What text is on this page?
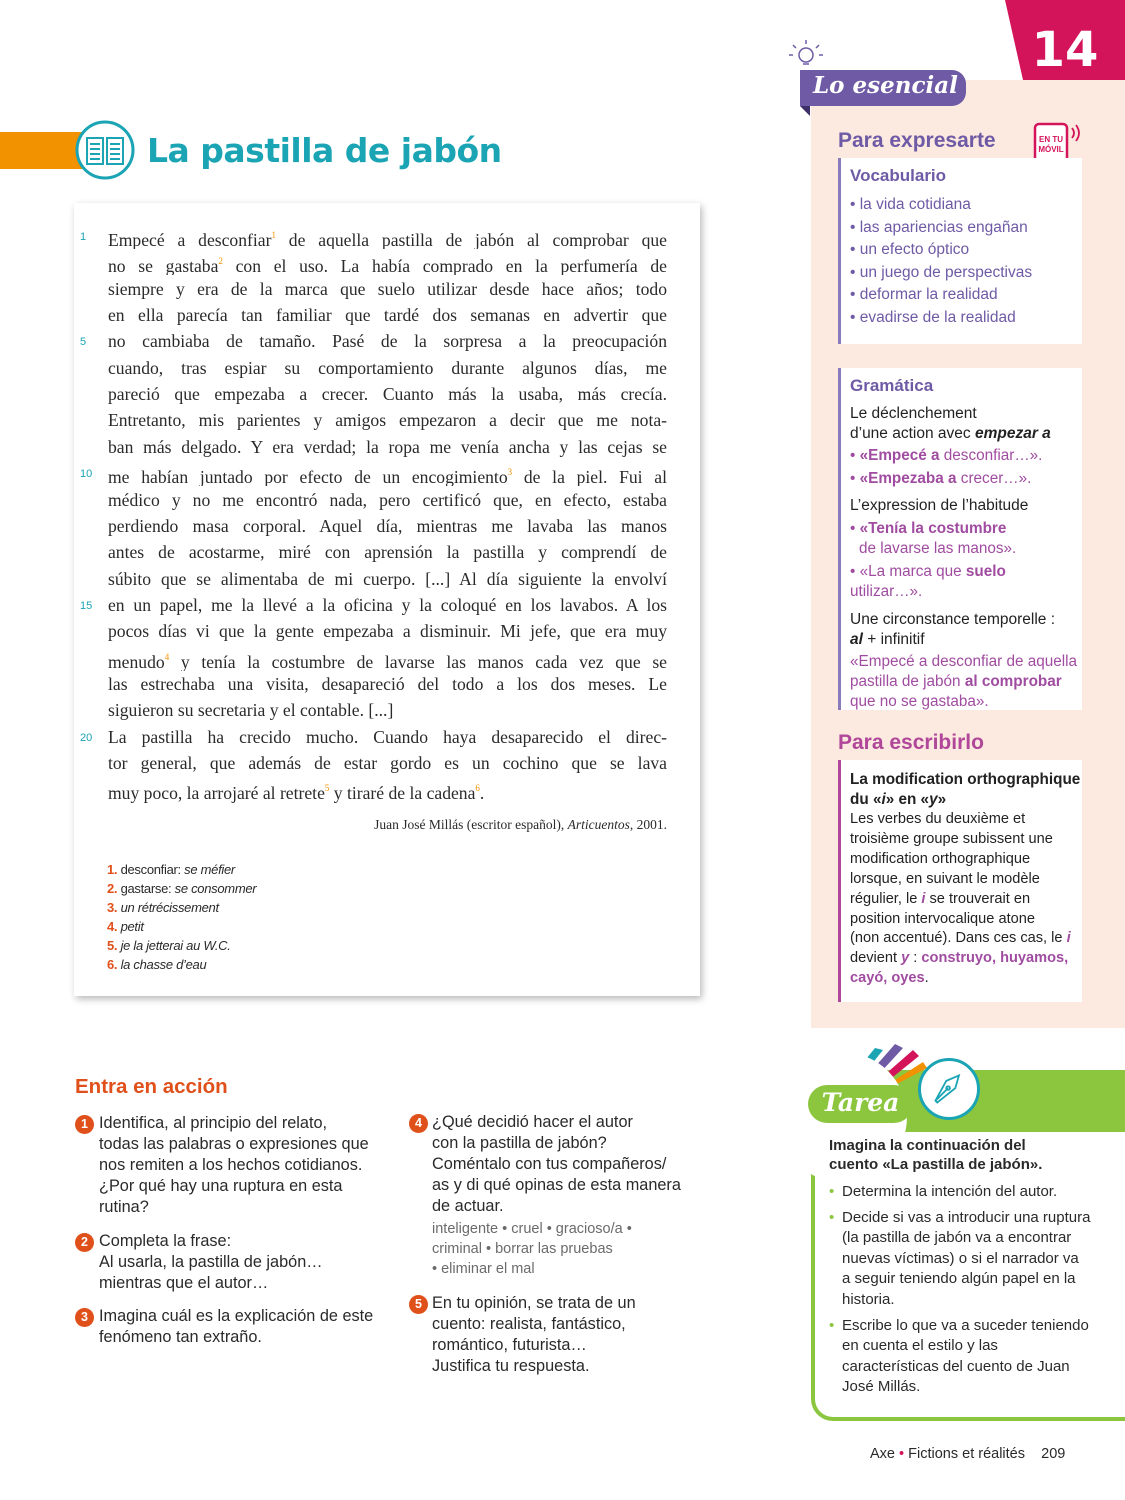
14
Lo esencial
Para expresarte	EN TU
MÓVIL
Vocabulario
• la vida cotidiana
• las apariencias engañan
• un efecto óptico
• un juego de perspectivas
• deformar la realidad
• evadirse de la realidad
Gramática
Le déclenchement
d’une action avec empezar a
• «Empecé a desconfiar…».
• «Empezaba a crecer…».
L’expression de l’habitude
• «Tenía la costumbre
de lavarse las manos».
• «La marca que suelo utilizar…».
Une circonstance temporelle :
al + infinitif
«Empecé a desconfiar de aquella
pastilla de jabón al comprobar
que no se gastaba».
Para escribirlo
La modification orthographique
du «i» en «y»
Les verbes du deuxième et
troisième groupe subissent une
modification orthographique
lorsque, en suivant le modèle
régulier, le i se trouverait en
position intervocalique atone
(non accentué). Dans ces cas, le i
devient y : construyo, huyamos,
cayó, oyes.
La pastilla de jabón
1	Empecé a desconfiar$^1$ de aquella pastilla de jabón al comprobar que
no se gastaba$^2$ con el uso. La había comprado en la perfumería de
siempre y era de la marca que suelo utilizar desde hace años; todo
en ella parecía tan familiar que tardé dos semanas en advertir que
5	no cambiaba de tamaño. Pasé de la sorpresa a la preocupación
cuando, tras espiar su comportamiento durante algunos días, me
pareció que empezaba a crecer. Cuanto más la usaba, más crecía.
Entretanto, mis parientes y amigos empezaron a decir que me nota-
ban más delgado. Y era verdad; la ropa me venía ancha y las cejas se
10 me habían juntado por efecto de un encogimiento$^3$ de la piel. Fui al
médico y no me encontró nada, pero certificó que, en efecto, estaba
perdiendo masa corporal. Aquel día, mientras me lavaba las manos
antes de acostarme, miré con aprensión la pastilla y comprendí de
súbito que se alimentaba de mi cuerpo. [...] Al día siguiente la envolví
15 en un papel, me la llevé a la oficina y la coloqué en los lavabos. A los
pocos días vi que la gente empezaba a disminuir. Mi jefe, que era muy
menudo$^4$ y tenía la costumbre de lavarse las manos cada vez que se
las estrechaba una visita, desapareció del todo a los dos meses. Le
siguieron su secretaria y el contable. [...]
20 La pastilla ha crecido mucho. Cuando haya desaparecido el direc-
tor general, que además de estar gordo es un cochino que se lava
muy poco, la arrojaré al retrete$^5$ y tiraré de la cadena$^6$.
Juan José Millás (escritor español), Articuentos, 2001.
1. desconfiar: se méfier
2. gastarse: se consommer
3. un rétrécissement
4. petit
5. je la jetterai au W.C.
6. la chasse d’eau
Entra en acción
1 Identifica, al principio del relato,
todas las palabras o expresiones que
nos remiten a los hechos cotidianos.
¿Por qué hay una ruptura en esta
rutina?
2 Completa la frase:
Al usarla, la pastilla de jabón…
mientras que el autor…
3 Imagina cuál es la explicación de este
fenómeno tan extraño.
4 ¿Qué decidió hacer el autor
con la pastilla de jabón?
Coméntalo con tus compañeros/
as y di qué opinas de esta manera
de actuar.
inteligente • cruel • gracioso/a •
criminal • borrar las pruebas
• eliminar el mal
5 En tu opinión, se trata de un
cuento: realista, fantástico,
romántico, futurista…
Justifica tu respuesta.
Tarea
Imagina la continuación del
cuento «La pastilla de jabón».
• Determina la intención del autor.
• Decide si vas a introducir una ruptura (la pastilla de jabón va a encontrar nuevas víctimas) o si el narrador va a seguir teniendo algún papel en la historia.
• Escribe lo que va a suceder teniendo en cuenta el estilo y las características del cuento de Juan José Millás.
Axe • Fictions et réalités 209
